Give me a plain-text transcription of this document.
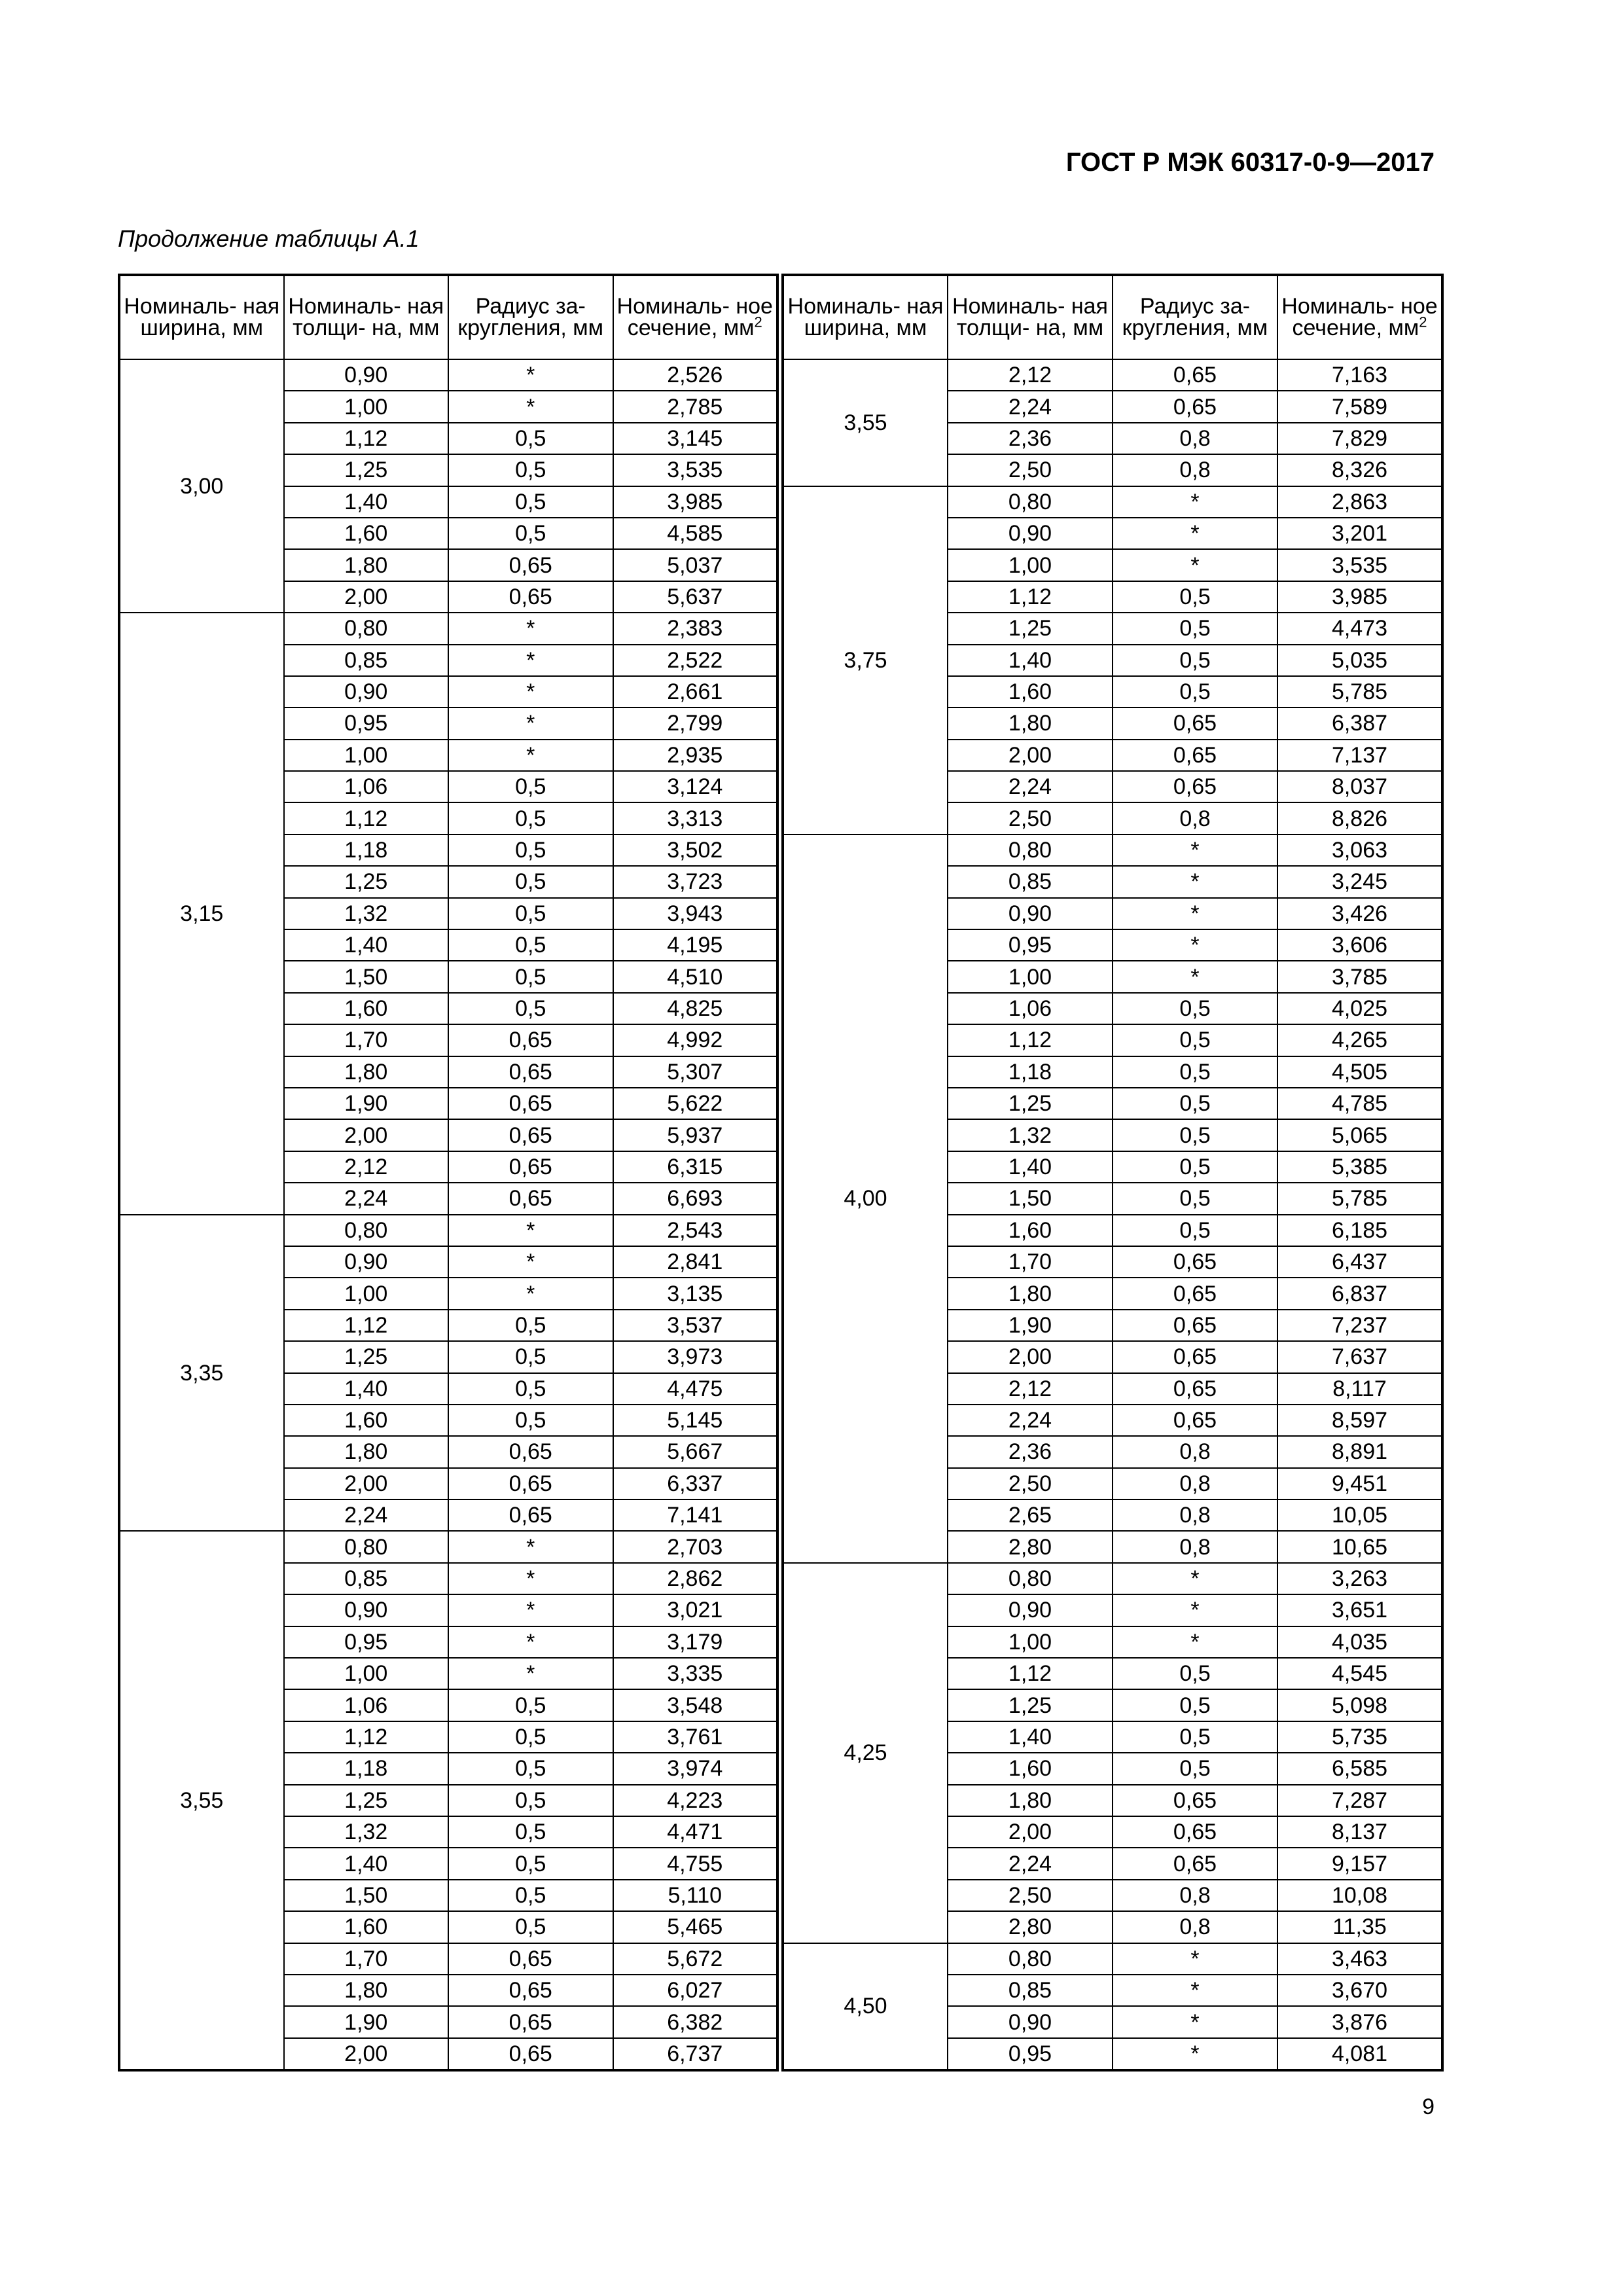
ГОСТ Р МЭК 60317-0-9—2017
Продолжение таблицы А.1
Номиналь- ная ширина, мм	Номиналь- ная толщи- на, мм	Радиус за- кругления, мм	Номиналь- ное сечение, $мм^2$
3,00	0,90	*	2,526
	1,00	*	2,785
	1,12	0,5	3,145
	1,25	0,5	3,535
	1,40	0,5	3,985
	1,60	0,5	4,585
	1,80	0,65	5,037
	2,00	0,65	5,637
3,15	0,80	*	2,383
	0,85	*	2,522
	0,90	*	2,661
	0,95	*	2,799
	1,00	*	2,935
	1,06	0,5	3,124
	1,12	0,5	3,313
	1,18	0,5	3,502
	1,25	0,5	3,723
	1,32	0,5	3,943
	1,40	0,5	4,195
	1,50	0,5	4,510
	1,60	0,5	4,825
	1,70	0,65	4,992
	1,80	0,65	5,307
	1,90	0,65	5,622
	2,00	0,65	5,937
	2,12	0,65	6,315
	2,24	0,65	6,693
3,35	0,80	*	2,543
	0,90	*	2,841
	1,00	*	3,135
	1,12	0,5	3,537
	1,25	0,5	3,973
	1,40	0,5	4,475
	1,60	0,5	5,145
	1,80	0,65	5,667
	2,00	0,65	6,337
	2,24	0,65	7,141
3,55	0,80	*	2,703
	0,85	*	2,862
	0,90	*	3,021
	0,95	*	3,179
	1,00	*	3,335
	1,06	0,5	3,548
	1,12	0,5	3,761
	1,18	0,5	3,974
	1,25	0,5	4,223
	1,32	0,5	4,471
	1,40	0,5	4,755
	1,50	0,5	5,110
	1,60	0,5	5,465
	1,70	0,65	5,672
	1,80	0,65	6,027
	1,90	0,65	6,382
	2,00	0,65	6,737
Номиналь- ная ширина, мм	Номиналь- ная толщи- на, мм	Радиус за- кругления, мм	Номиналь- ное сечение, $мм^2$
3,55	2,12	0,65	7,163
	2,24	0,65	7,589
	2,36	0,8	7,829
	2,50	0,8	8,326
3,75	0,80	*	2,863
	0,90	*	3,201
	1,00	*	3,535
	1,12	0,5	3,985
	1,25	0,5	4,473
	1,40	0,5	5,035
	1,60	0,5	5,785
	1,80	0,65	6,387
	2,00	0,65	7,137
	2,24	0,65	8,037
	2,50	0,8	8,826
4,00	0,80	*	3,063
	0,85	*	3,245
	0,90	*	3,426
	0,95	*	3,606
	1,00	*	3,785
	1,06	0,5	4,025
	1,12	0,5	4,265
	1,18	0,5	4,505
	1,25	0,5	4,785
	1,32	0,5	5,065
	1,40	0,5	5,385
	1,50	0,5	5,785
	1,60	0,5	6,185
	1,70	0,65	6,437
	1,80	0,65	6,837
	1,90	0,65	7,237
	2,00	0,65	7,637
	2,12	0,65	8,117
	2,24	0,65	8,597
	2,36	0,8	8,891
	2,50	0,8	9,451
	2,65	0,8	10,05
	2,80	0,8	10,65
4,25	0,80	*	3,263
	0,90	*	3,651
	1,00	*	4,035
	1,12	0,5	4,545
	1,25	0,5	5,098
	1,40	0,5	5,735
	1,60	0,5	6,585
	1,80	0,65	7,287
	2,00	0,65	8,137
	2,24	0,65	9,157
	2,50	0,8	10,08
	2,80	0,8	11,35
4,50	0,80	*	3,463
	0,85	*	3,670
	0,90	*	3,876
	0,95	*	4,081
9
